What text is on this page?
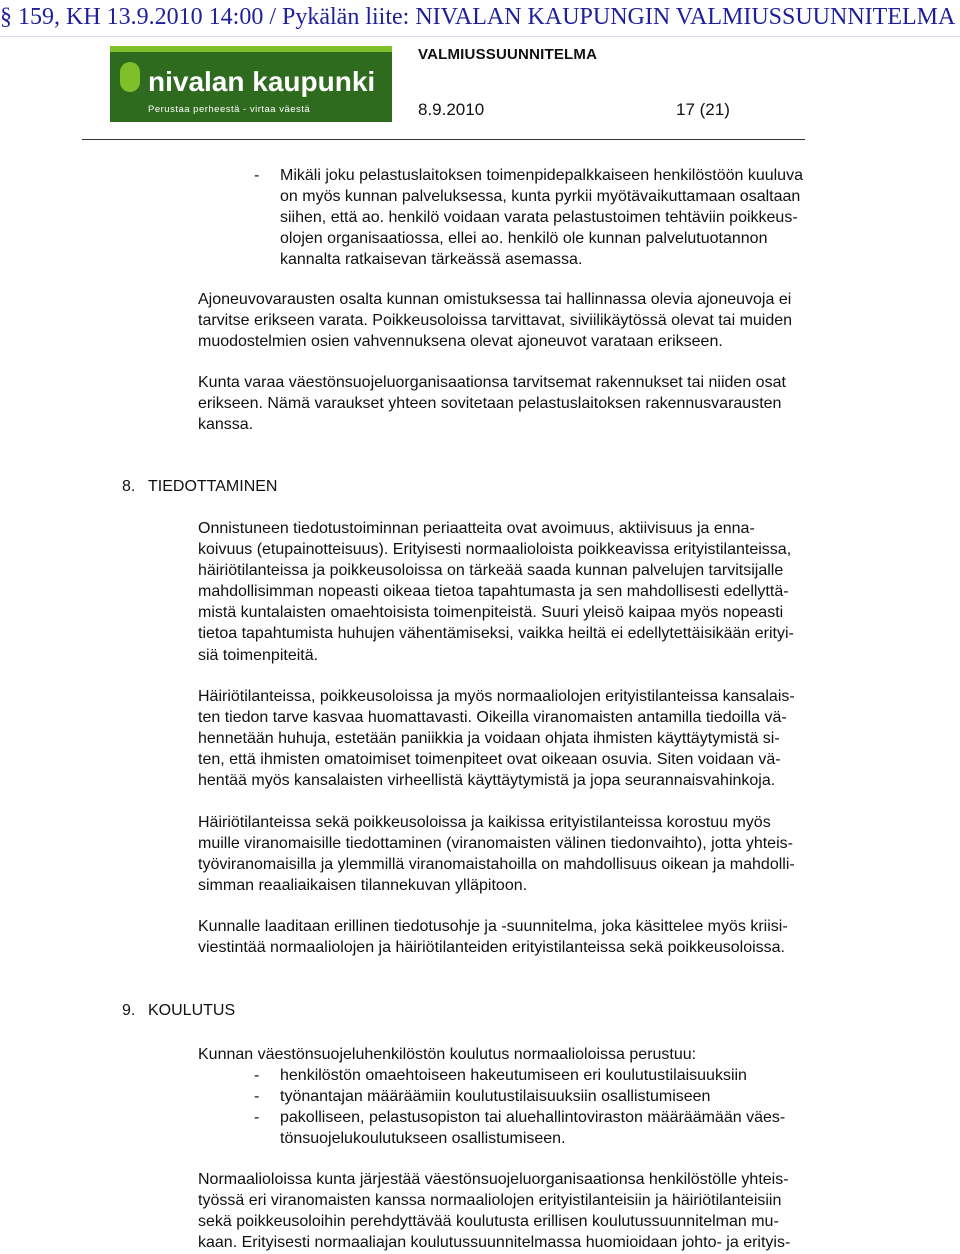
§ 159, KH 13.9.2010 14:00 / Pykälän liite: NIVALAN KAUPUNGIN VALMIUSSUUNNITELMA
nivalan kaupunki
Perustaa perheestä - virtaa väestä
VALMIUSSUUNNITELMA
8.9.2010	17 (21)
- Mikäli joku pelastuslaitoksen toimenpidepalkkaiseen henkilöstöön kuuluva
on myös kunnan palveluksessa, kunta pyrkii myötävaikuttamaan osaltaan
siihen, että ao. henkilö voidaan varata pelastustoimen tehtäviin poikkeus-
olojen organisaatiossa, ellei ao. henkilö ole kunnan palvelutuotannon
kannalta ratkaisevan tärkeässä asemassa.
Ajoneuvovarausten osalta kunnan omistuksessa tai hallinnassa olevia ajoneuvoja ei
tarvitse erikseen varata. Poikkeusoloissa tarvittavat, siviilikäytössä olevat tai muiden
muodostelmien osien vahvennuksena olevat ajoneuvot varataan erikseen.
Kunta varaa väestönsuojeluorganisaationsa tarvitsemat rakennukset tai niiden osat
erikseen. Nämä varaukset yhteen sovitetaan pelastuslaitoksen rakennusvarausten
kanssa.
8. TIEDOTTAMINEN
Onnistuneen tiedotustoiminnan periaatteita ovat avoimuus, aktiivisuus ja enna-
koivuus (etupainotteisuus). Erityisesti normaalioloista poikkeavissa erityistilanteissa,
häiriötilanteissa ja poikkeusoloissa on tärkeää saada kunnan palvelujen tarvitsijalle
mahdollisimman nopeasti oikeaa tietoa tapahtumasta ja sen mahdollisesti edellyttä-
mistä kuntalaisten omaehtoisista toimenpiteistä. Suuri yleisö kaipaa myös nopeasti
tietoa tapahtumista huhujen vähentämiseksi, vaikka heiltä ei edellytettäisikään erityi-
siä toimenpiteitä.
Häiriötilanteissa, poikkeusoloissa ja myös normaaliolojen erityistilanteissa kansalais-
ten tiedon tarve kasvaa huomattavasti. Oikeilla viranomaisten antamilla tiedoilla vä-
hennetään huhuja, estetään paniikkia ja voidaan ohjata ihmisten käyttäytymistä si-
ten, että ihmisten omatoimiset toimenpiteet ovat oikeaan osuvia. Siten voidaan vä-
hentää myös kansalaisten virheellistä käyttäytymistä ja jopa seurannaisvahinkoja.
Häiriötilanteissa sekä poikkeusoloissa ja kaikissa erityistilanteissa korostuu myös
muille viranomaisille tiedottaminen (viranomaisten välinen tiedonvaihto), jotta yhteis-
työviranomaisilla ja ylemmillä viranomaistahoilla on mahdollisuus oikean ja mahdolli-
simman reaaliaikaisen tilannekuvan ylläpitoon.
Kunnalle laaditaan erillinen tiedotusohje ja -suunnitelma, joka käsittelee myös kriisi-
viestintää normaaliolojen ja häiriötilanteiden erityistilanteissa sekä poikkeusoloissa.
9. KOULUTUS
Kunnan väestönsuojeluhenkilöstön koulutus normaalioloissa perustuu:
- henkilöstön omaehtoiseen hakeutumiseen eri koulutustilaisuuksiin
- työnantajan määräämiin koulutustilaisuuksiin osallistumiseen
- pakolliseen, pelastusopiston tai aluehallintoviraston määräämään väes-
tönsuojelukoulutukseen osallistumiseen.
Normaalioloissa kunta järjestää väestönsuojeluorganisaationsa henkilöstölle yhteis-
työssä eri viranomaisten kanssa normaaliolojen erityistilanteisiin ja häiriötilanteisiin
sekä poikkeusoloihin perehdyttävää koulutusta erillisen koulutussuunnitelman mu-
kaan. Erityisesti normaaliajan koulutussuunnitelmassa huomioidaan johto- ja erityis-
